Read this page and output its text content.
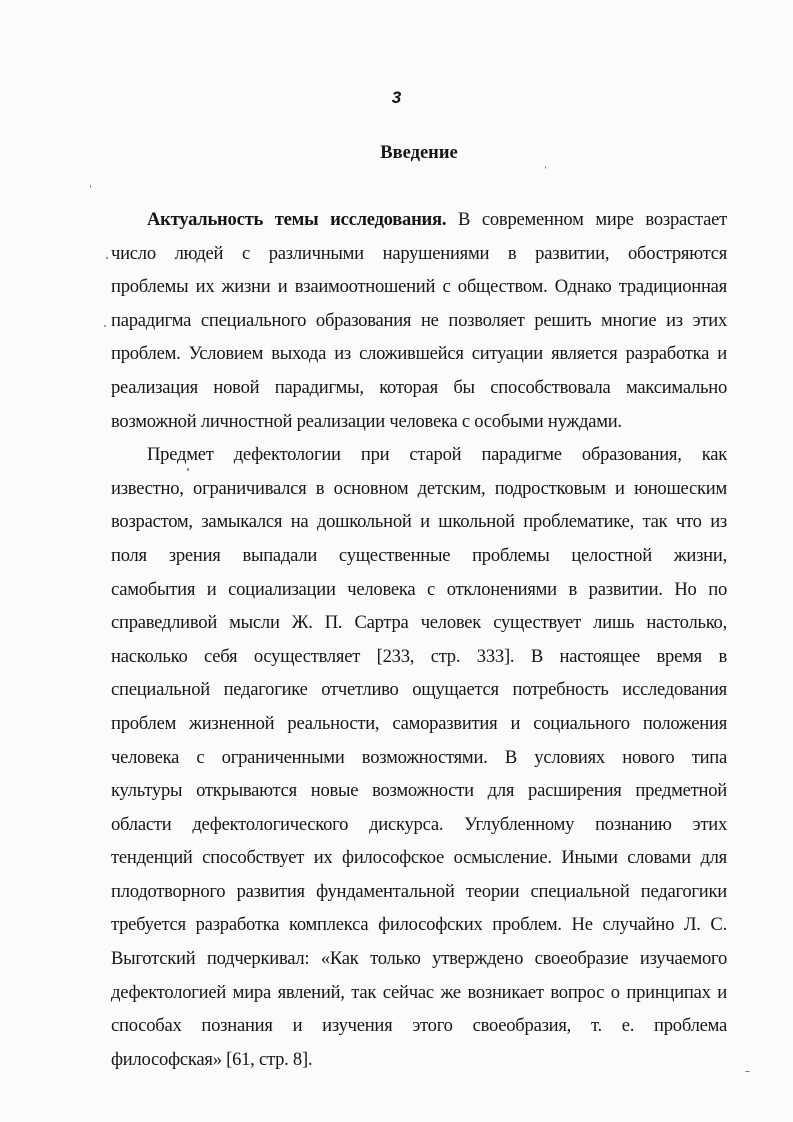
3
Введение

Актуальность темы исследования. В современном мире возрастает
число людей с различными нарушениями в развитии, обостряются
проблемы их жизни и взаимоотношений с обществом. Однако традиционная
парадигма специального образования не позволяет решить многие из этих
проблем. Условием выхода из сложившейся ситуации является разработка и
реализация новой парадигмы, которая бы способствовала максимально
возможной личностной реализации человека с особыми нуждами.

Предмет дефектологии при старой парадигме образования, как
известно, ограничивался в основном детским, подростковым и юношеским
возрастом, замыкался на дошкольной и школьной проблематике, так что из
поля зрения выпадали существенные проблемы целостной жизни,
самобытия и социализации человека с отклонениями в развитии. Но по
справедливой мысли Ж. П. Сартра человек существует лишь настолько,
насколько себя осуществляет [233, стр. 333]. В настоящее время в
специальной педагогике отчетливо ощущается потребность исследования
проблем жизненной реальности, саморазвития и социального положения
человека с ограниченными возможностями. В условиях нового типа
культуры открываются новые возможности для расширения предметной
области дефектологического дискурса. Углубленному познанию этих
тенденций способствует их философское осмысление. Иными словами для
плодотворного развития фундаментальной теории специальной педагогики
требуется разработка комплекса философских проблем. Не случайно Л. С.
Выготский подчеркивал: «Как только утверждено своеобразие изучаемого
дефектологией мира явлений, так сейчас же возникает вопрос о принципах и
способах познания и изучения этого своеобразия, т. е. проблема
философская» [61, стр. 8].
